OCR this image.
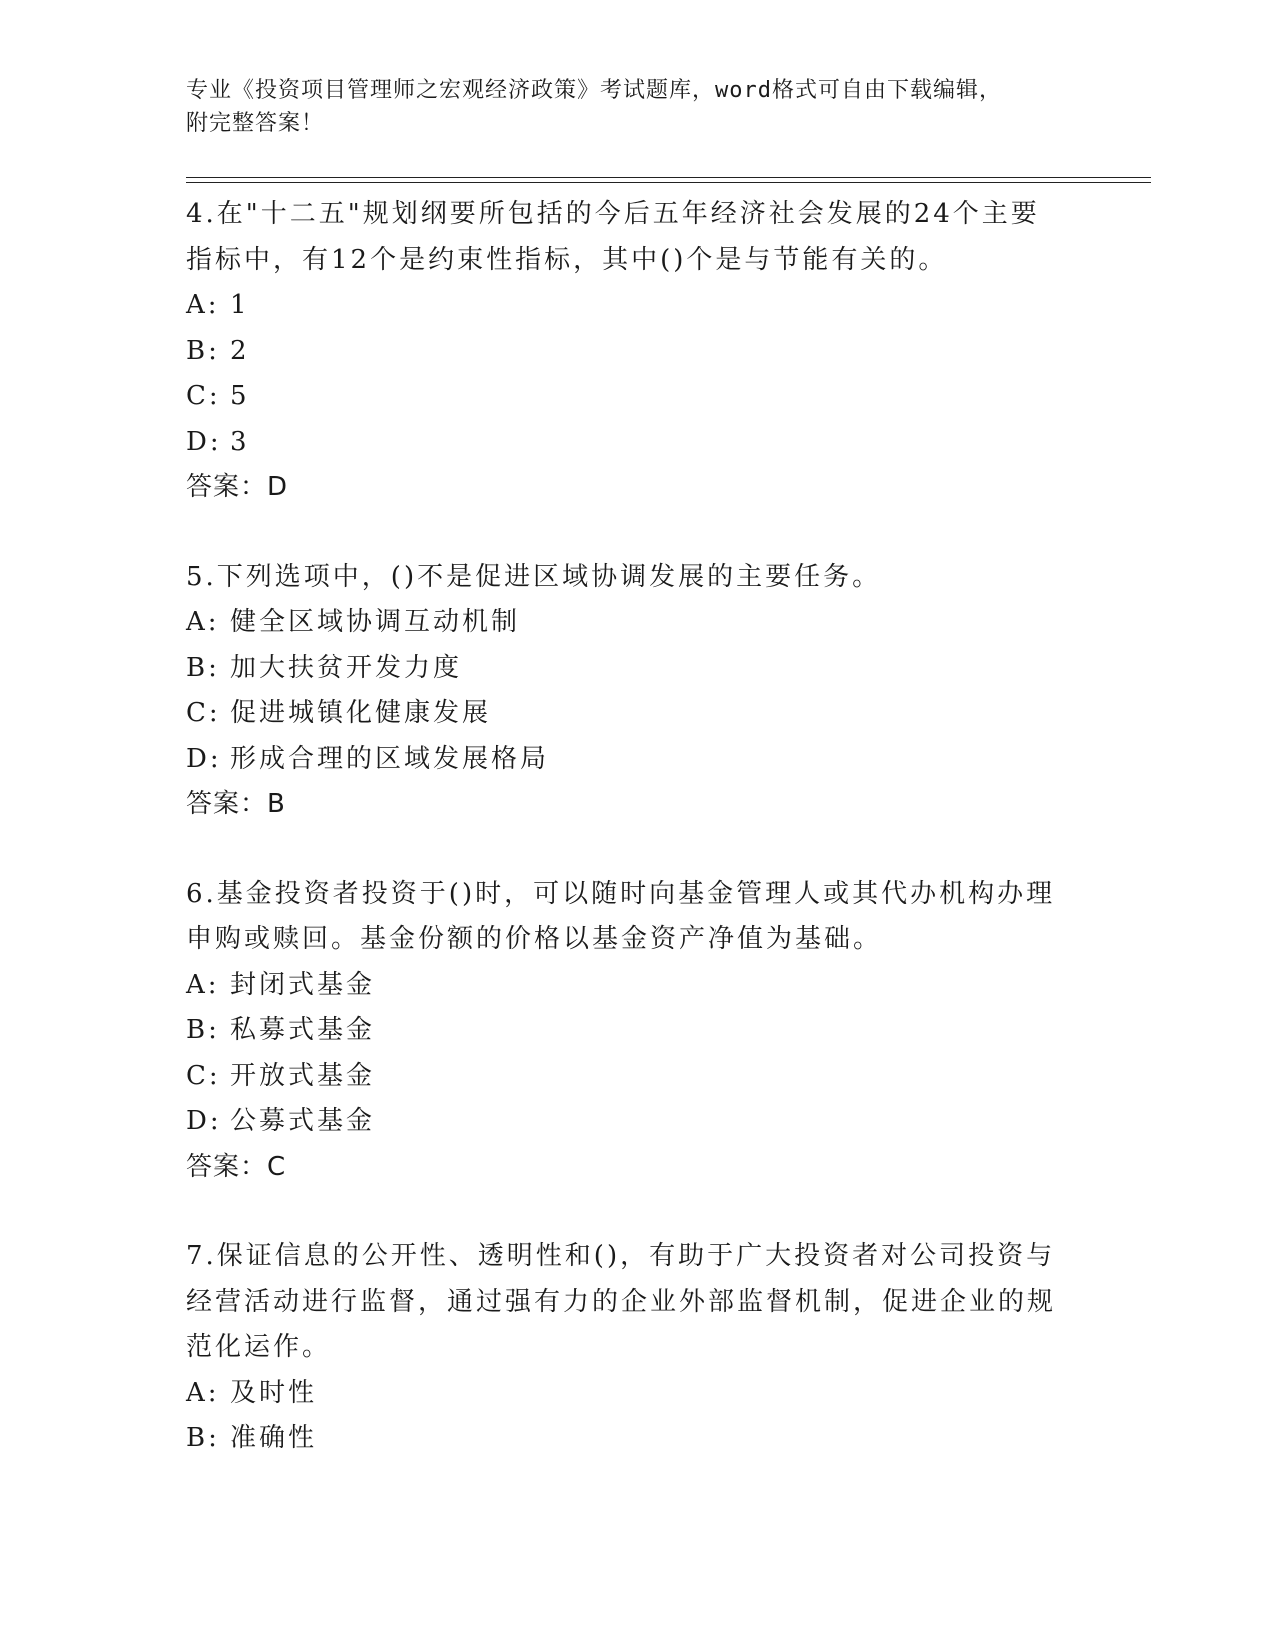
专业《投资项目管理师之宏观经济政策》考试题库，word格式可自由下载编辑，
附完整答案！
4.在"十二五"规划纲要所包括的今后五年经济社会发展的24个主要指标中，有12个是约束性指标，其中()个是与节能有关的。
A: 1
B: 2
C: 5
D: 3
答案：D
5.下列选项中，()不是促进区域协调发展的主要任务。
A: 健全区域协调互动机制
B: 加大扶贫开发力度
C: 促进城镇化健康发展
D: 形成合理的区域发展格局
答案：B
6.基金投资者投资于()时，可以随时向基金管理人或其代办机构办理申购或赎回。基金份额的价格以基金资产净值为基础。
A: 封闭式基金
B: 私募式基金
C: 开放式基金
D: 公募式基金
答案：C
7.保证信息的公开性、透明性和()，有助于广大投资者对公司投资与经营活动进行监督，通过强有力的企业外部监督机制，促进企业的规范化运作。
A: 及时性
B: 准确性
